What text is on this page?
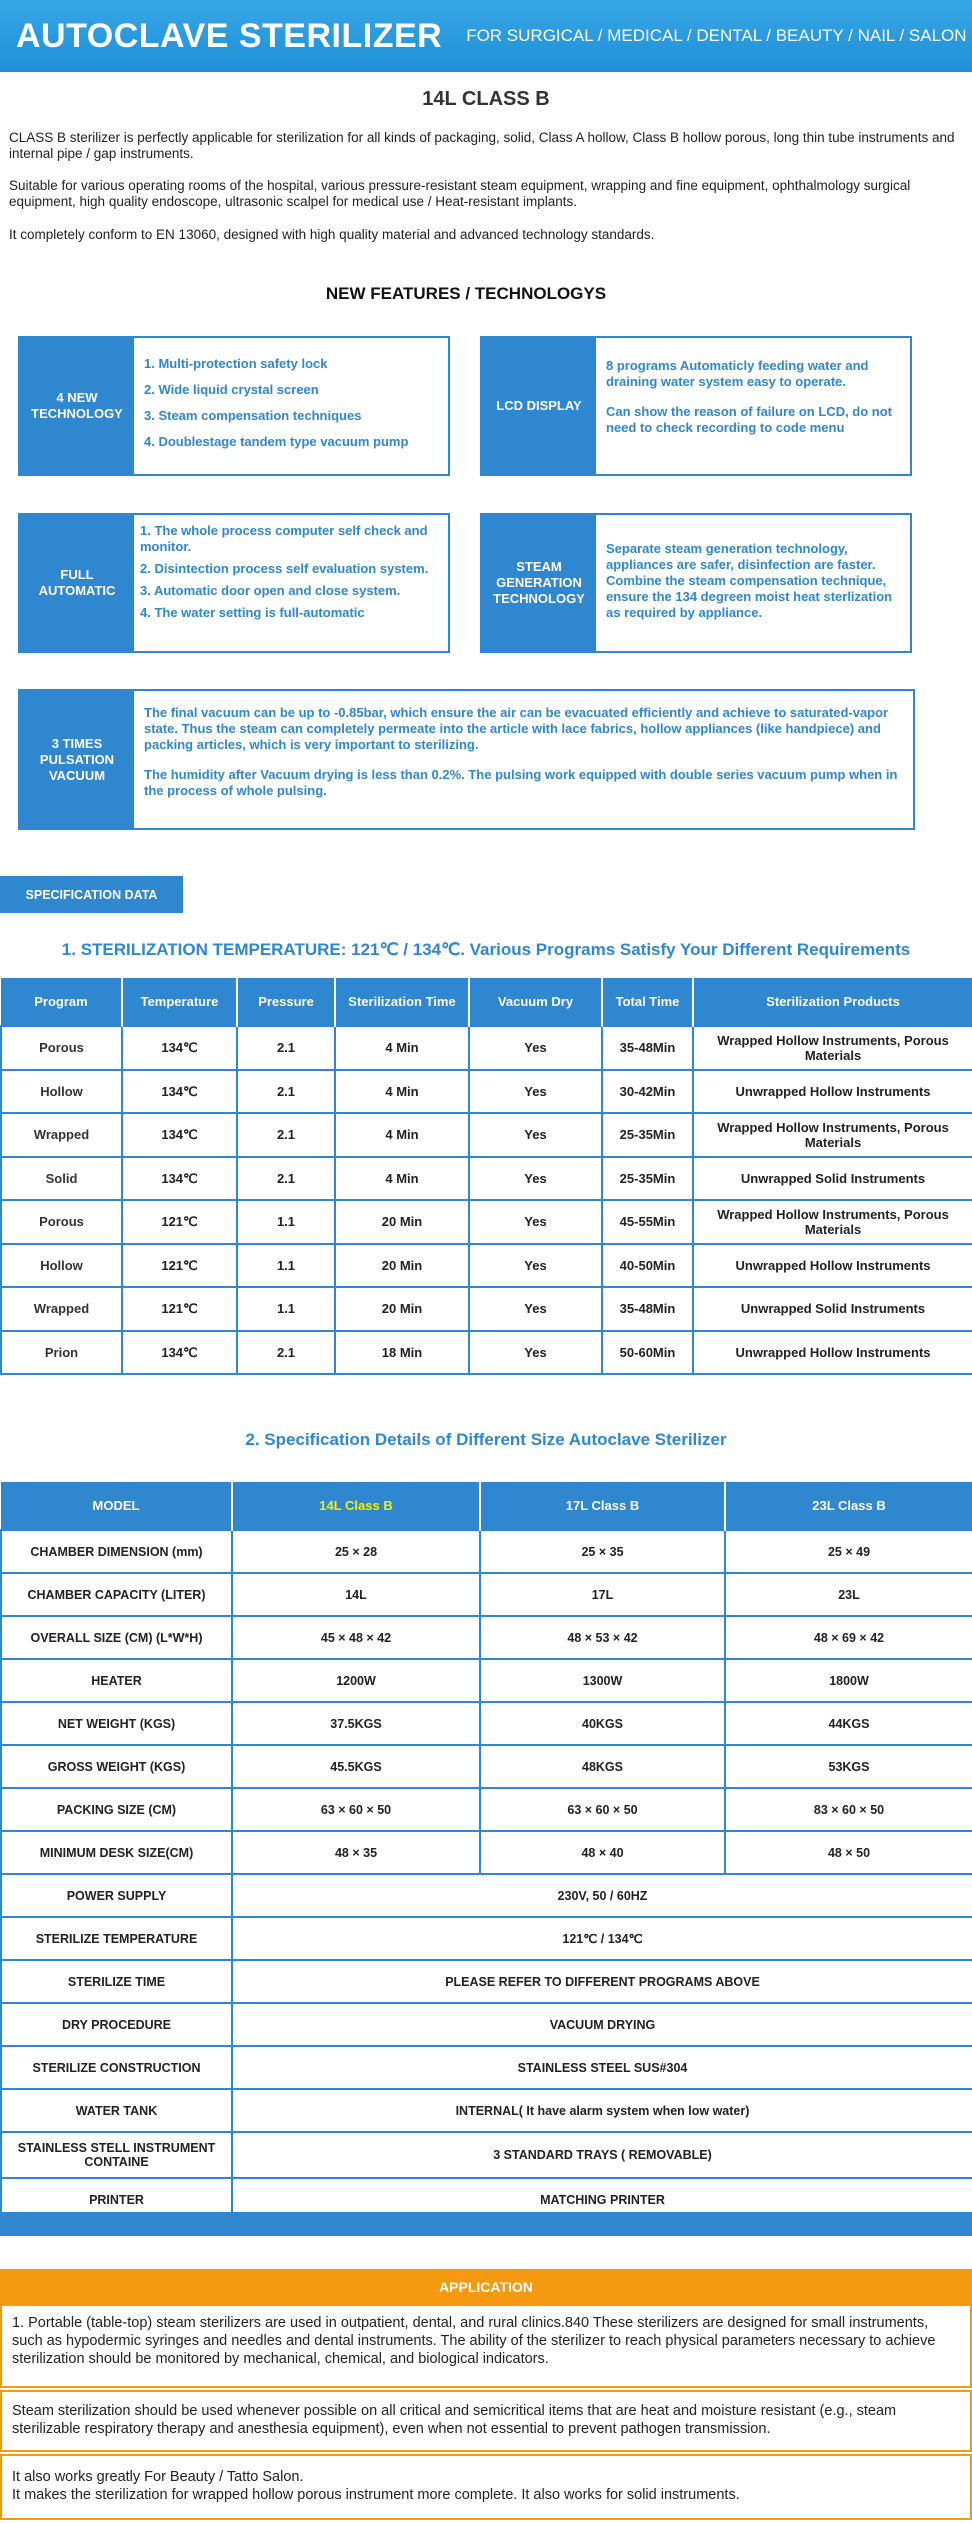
AUTOCLAVE STERILIZER FOR SURGICAL / MEDICAL / DENTAL / BEAUTY / NAIL / SALON
14L CLASS B

CLASS B sterilizer is perfectly applicable for sterilization for all kinds of packaging, solid, Class A hollow, Class B hollow porous, long thin tube instruments and internal pipe / gap instruments.

Suitable for various operating rooms of the hospital, various pressure-resistant steam equipment, wrapping and fine equipment, ophthalmology surgical equipment, high quality endoscope, ultrasonic scalpel for medical use / Heat-resistant implants.

It completely conform to EN 13060, designed with high quality material and advanced technology standards.

NEW FEATURES / TECHNOLOGYS
4 NEW TECHNOLOGY

1. Multi-protection safety lock

2. Wide liquid crystal screen

3. Steam compensation techniques

4. Doublestage tandem type vacuum pump

LCD DISPLAY

8 programs Automaticly feeding water and draining water system easy to operate.

Can show the reason of failure on LCD, do not need to check recording to code menu

FULL AUTOMATIC

1. The whole process computer self check and monitor.

2. Disintection process self evaluation system.

3. Automatic door open and close system.

4. The water setting is full-automatic

STEAM GENERATION TECHNOLOGY

Separate steam generation technology, appliances are safer, disinfection are faster. Combine the steam compensation technique, ensure the 134 degreen moist heat sterlization as required by appliance.

3 TIMES PULSATION VACUUM

The final vacuum can be up to -0.85bar, which ensure the air can be evacuated efficiently and achieve to saturated-vapor state. Thus the steam can completely permeate into the article with lace fabrics, hollow appliances (like handpiece) and packing articles, which is very important to sterilizing.

The humidity after Vacuum drying is less than 0.2%. The pulsing work equipped with double series vacuum pump when in the process of whole pulsing.

SPECIFICATION DATA
1. STERILIZATION TEMPERATURE: 121℃ / 134℃. Various Programs Satisfy Your Different Requirements
Program	Temperature	Pressure	Sterilization Time	Vacuum Dry	Total Time	Sterilization Products
Porous	134℃	2.1	4 Min	Yes	35-48Min	Wrapped Hollow Instruments, Porous Materials
Hollow	134℃	2.1	4 Min	Yes	30-42Min	Unwrapped Hollow Instruments
Wrapped	134℃	2.1	4 Min	Yes	25-35Min	Wrapped Hollow Instruments, Porous Materials
Solid	134℃	2.1	4 Min	Yes	25-35Min	Unwrapped Solid Instruments
Porous	121℃	1.1	20 Min	Yes	45-55Min	Wrapped Hollow Instruments, Porous Materials
Hollow	121℃	1.1	20 Min	Yes	40-50Min	Unwrapped Hollow Instruments
Wrapped	121℃	1.1	20 Min	Yes	35-48Min	Unwrapped Solid Instruments
Prion	134℃	2.1	18 Min	Yes	50-60Min	Unwrapped Hollow Instruments
2. Specification Details of Different Size Autoclave Sterilizer
MODEL	14L Class B	17L Class B	23L Class B
CHAMBER DIMENSION (mm)	25 × 28	25 × 35	25 × 49
CHAMBER CAPACITY (LITER)	14L	17L	23L
OVERALL SIZE (CM) (L*W*H)	45 × 48 × 42	48 × 53 × 42	48 × 69 × 42
HEATER	1200W	1300W	1800W
NET WEIGHT (KGS)	37.5KGS	40KGS	44KGS
GROSS WEIGHT (KGS)	45.5KGS	48KGS	53KGS
PACKING SIZE (CM)	63 × 60 × 50	63 × 60 × 50	83 × 60 × 50
MINIMUM DESK SIZE(CM)	48 × 35	48 × 40	48 × 50
POWER SUPPLY	230V, 50 / 60HZ		
STERILIZE TEMPERATURE	121℃ / 134℃		
STERILIZE TIME	PLEASE REFER TO DIFFERENT PROGRAMS ABOVE		
DRY PROCEDURE	VACUUM DRYING		
STERILIZE CONSTRUCTION	STAINLESS STEEL SUS#304		
WATER TANK	INTERNAL( It have alarm system when low water)		
STAINLESS STELL INSTRUMENT CONTAINE	3 STANDARD TRAYS ( REMOVABLE)		
PRINTER	MATCHING PRINTER		
APPLICATION

1. Portable (table-top) steam sterilizers are used in outpatient, dental, and rural clinics.840 These sterilizers are designed for small instruments, such as hypodermic syringes and needles and dental instruments. The ability of the sterilizer to reach physical parameters necessary to achieve sterilization should be monitored by mechanical, chemical, and biological indicators.

Steam sterilization should be used whenever possible on all critical and semicritical items that are heat and moisture resistant (e.g., steam sterilizable respiratory therapy and anesthesia equipment), even when not essential to prevent pathogen transmission.

It also works greatly For Beauty / Tatto Salon.

It makes the sterilization for wrapped hollow porous instrument more complete. It also works for solid instruments.
